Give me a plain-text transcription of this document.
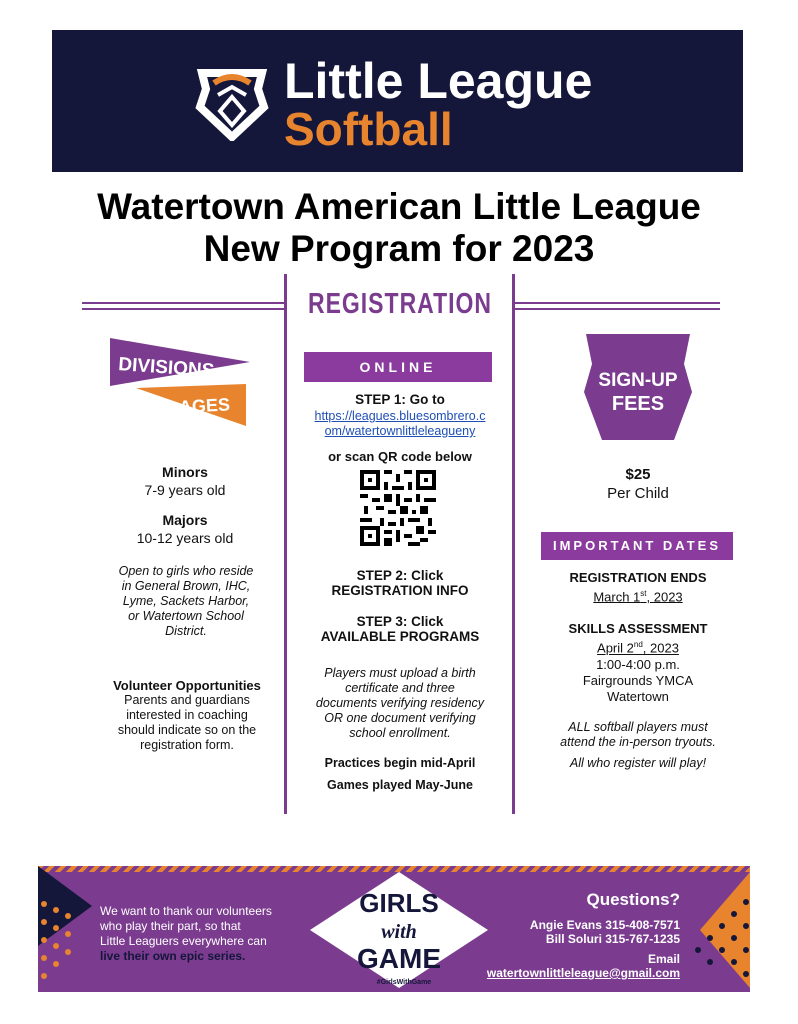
Little League
Softball
Watertown American Little League
New Program for 2023
DIVISIONS
& AGES
Minors
7-9 years old
Majors
10-12 years old
Open to girls who reside
in General Brown, IHC,
Lyme, Sackets Harbor,
or Watertown School
District.
Volunteer Opportunities
Parents and guardians
interested in coaching
should indicate so on the
registration form.
REGISTRATION
ONLINE
STEP 1: Go to
https://leagues.bluesombrero.c
om/watertownlittleleagueny
or scan QR code below
STEP 2: Click
REGISTRATION INFO
STEP 3: Click
AVAILABLE PROGRAMS
Players must upload a birth
certificate and three
documents verifying residency
OR one document verifying
school enrollment.
Practices begin mid-April
Games played May-June
SIGN-UP
FEES
$25
Per Child
IMPORTANT DATES
REGISTRATION ENDS
March 1st, 2023
SKILLS ASSESSMENT
April 2nd, 2023
1:00-4:00 p.m.
Fairgrounds YMCA
Watertown
ALL softball players must
attend the in-person tryouts.
All who register will play!
We want to thank our volunteers
who play their part, so that
Little Leaguers everywhere can
live their own epic series.
GIRLS
with
GAME
#GirlsWithGame
Questions?
Angie Evans 315-408-7571
Bill Soluri 315-767-1235
Email
watertownlittleleague@gmail.com
